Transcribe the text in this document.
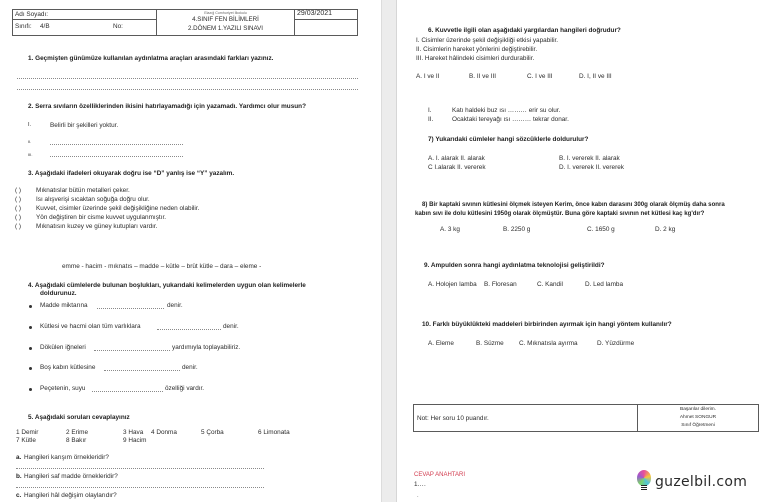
Adı Soyadı:
Sınıfı: 4/B	No:
Elazığ Cumhuriyet İlkokulu
4.SINIF FEN BİLİMLERİ
2.DÖNEM 1.YAZILI SINAVI
29/03/2021
1. Geçmişten günümüze kullanılan aydınlatma araçları arasındaki farkları yazınız.
2. Serra sıvıların özelliklerinden ikisini hatırlayamadığı için yazamadı. Yardımcı olur musun?
I.	Belirli bir şekilleri yoktur.
II.
III.
3. Aşağıdaki ifadeleri okuyarak doğru ise “D” yanlış ise “Y” yazalım.
( ) Mıknatıslar bütün metalleri çeker.
( ) Isı alışverişi sıcaktan soğuğa doğru olur.
( ) Kuvvet, cisimler üzerinde şekil değişikliğine neden olabilir.
( ) Yön değiştiren bir cisme kuvvet uygulanmıştır.
( ) Mıknatısın kuzey ve güney kutupları vardır.
emme - hacim - mıknatıs – madde – kütle – brüt kütle – dara – eleme -
4. Aşağıdaki cümlelerde bulunan boşlukları, yukarıdaki kelimelerden uygun olan kelimelerle
doldurunuz.
Madde miktarına	denir.
Kütlesi ve hacmi olan tüm varlıklara	denir.
Dökülen iğneleri	yardımıyla toplayabiliriz.
Boş kabın kütlesine	denir.
Peçetenin, suyu	özelliği vardır.
5. Aşağıdaki soruları cevaplayınız
1 Demir	2 Erime	3 Hava 4 Donma	5 Çorba	6 Limonata
7 Kütle	8 Bakır	9 Hacim
a. Hangileri karışım örnekleridir?
b. Hangileri saf madde örnekleridir?
c. Hangileri hâl değişim olaylarıdır?
6. Kuvvetle ilgili olan aşağıdaki yargılardan hangileri doğrudur?
I. Cisimler üzerinde şekil değişikliği etkisi yapabilir.
II. Cisimlerin hareket yönlerini değiştirebilir.
III. Hareket hâlindeki cisimleri durdurabilir.
A. I ve II	B. II ve III	C. I ve III	D. I, II ve III
I.	Katı haldeki buz ısı ……… erir su olur.
II.	Ocaktaki tereyağı ısı ……… tekrar donar.
7) Yukarıdaki cümleler hangi sözcüklerle doldurulur?
A. I. alarak II. alarak	B. I. vererek II. alarak
C I.alarak II. vererek	D. I. vererek II. vererek
8) Bir kaptaki sıvının kütlesini ölçmek isteyen Kerim, önce kabın darasını 300g olarak ölçmüş daha sonra
kabın sıvı ile dolu kütlesini 1950g olarak ölçmüştür. Buna göre kaptaki sıvının net kütlesi kaç kg'dır?
A. 3 kg	B. 2250 g	C. 1650 g	D. 2 kg
9. Ampulden sonra hangi aydınlatma teknolojisi geliştirildi?
A. Holojen lamba B. Floresan	C. Kandil	D. Led lamba
10. Farklı büyüklükteki maddeleri birbirinden ayırmak için hangi yöntem kullanılır?
A. Eleme	B. Süzme C. Mıknatısla ayırma	D. Yüzdürme
Not: Her soru 10 puandır.
Başarılar dilerim.
Ahmet SONGUR
Sınıf Öğretmeni
CEVAP ANAHTARI
1….
·
guzelbil.com
